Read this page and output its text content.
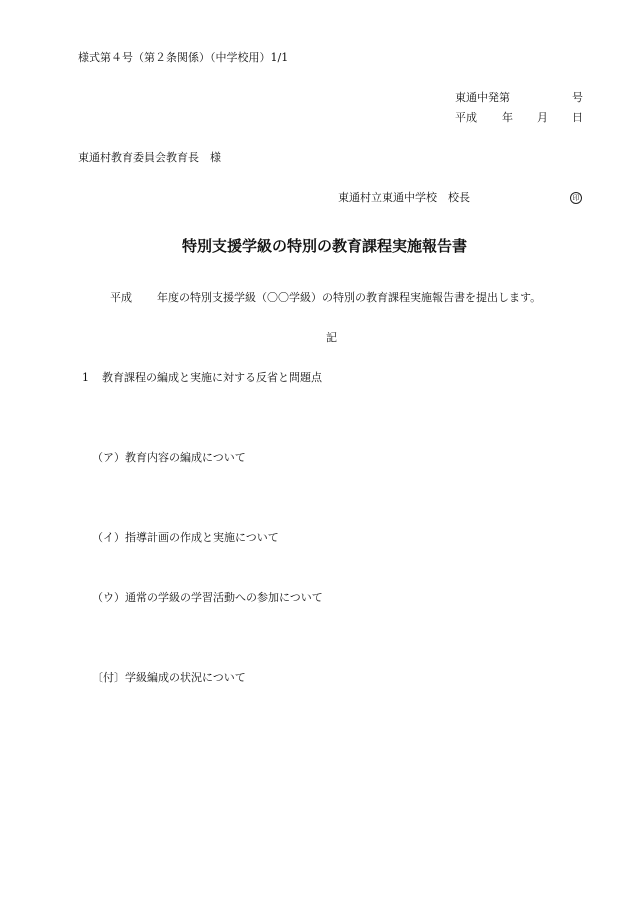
様式第４号（第２条関係）（中学校用）1/1
東通中発第	号
平成 年 月 日
東通村教育委員会教育長　様
東通村立東通中学校　校長	印
特別支援学級の特別の教育課程実施報告書
平成 年度の特別支援学級（〇〇学級）の特別の教育課程実施報告書を提出します。
記
1 教育課程の編成と実施に対する反省と問題点
（ア）教育内容の編成について
（イ）指導計画の作成と実施について
（ウ）通常の学級の学習活動への参加について
〔付〕学級編成の状況について
